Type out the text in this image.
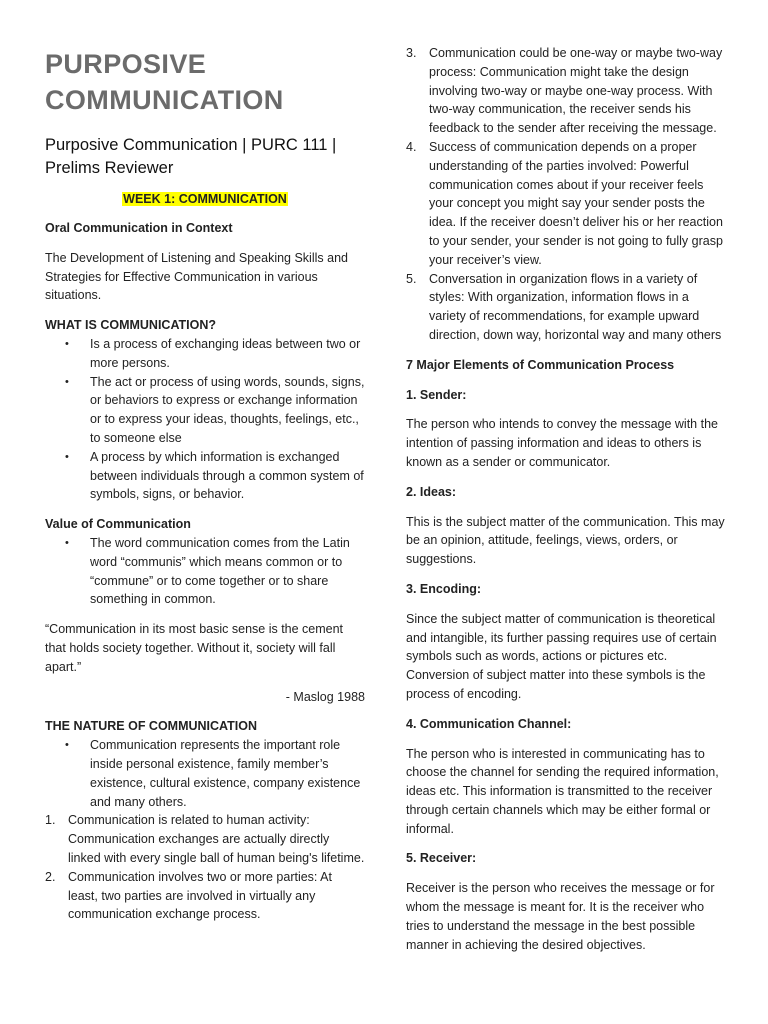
PURPOSIVE
COMMUNICATION
Purposive Communication | PURC 111 |
Prelims Reviewer

WEEK 1: COMMUNICATION

Oral Communication in Context

The Development of Listening and Speaking Skills and Strategies for Effective Communication in various situations.

WHAT IS COMMUNICATION?

• Is a process of exchanging ideas between two or more persons.
• The act or process of using words, sounds, signs, or behaviors to express or exchange information or to express your ideas, thoughts, feelings, etc., to someone else
• A process by which information is exchanged between individuals through a common system of symbols, signs, or behavior.

Value of Communication

• The word communication comes from the Latin word “communis” which means common or to “commune” or to come together or to share something in common.

“Communication in its most basic sense is the cement that holds society together. Without it, society will fall apart.”

- Maslog 1988

THE NATURE OF COMMUNICATION

• Communication represents the important role inside personal existence, family member’s existence, cultural existence, company existence and many others.
1. Communication is related to human activity: Communication exchanges are actually directly linked with every single ball of human being's lifetime.
2. Communication involves two or more parties: At least, two parties are involved in virtually any communication exchange process.
3. Communication could be one-way or maybe two-way process: Communication might take the design involving two-way or maybe one-way process. With two-way communication, the receiver sends his feedback to the sender after receiving the message.
4. Success of communication depends on a proper understanding of the parties involved: Powerful communication comes about if your receiver feels your concept you might say your sender posts the idea. If the receiver doesn’t deliver his or her reaction to your sender, your sender is not going to fully grasp your receiver’s view.
5. Conversation in organization flows in a variety of styles: With organization, information flows in a variety of recommendations, for example upward direction, down way, horizontal way and many others

7 Major Elements of Communication Process

1. Sender:

The person who intends to convey the message with the intention of passing information and ideas to others is known as a sender or communicator.

2. Ideas:

This is the subject matter of the communication. This may be an opinion, attitude, feelings, views, orders, or suggestions.

3. Encoding:

Since the subject matter of communication is theoretical and intangible, its further passing requires use of certain symbols such as words, actions or pictures etc. Conversion of subject matter into these symbols is the process of encoding.

4. Communication Channel:

The person who is interested in communicating has to choose the channel for sending the required information, ideas etc. This information is transmitted to the receiver through certain channels which may be either formal or informal.

5. Receiver:

Receiver is the person who receives the message or for whom the message is meant for. It is the receiver who tries to understand the message in the best possible manner in achieving the desired objectives.
